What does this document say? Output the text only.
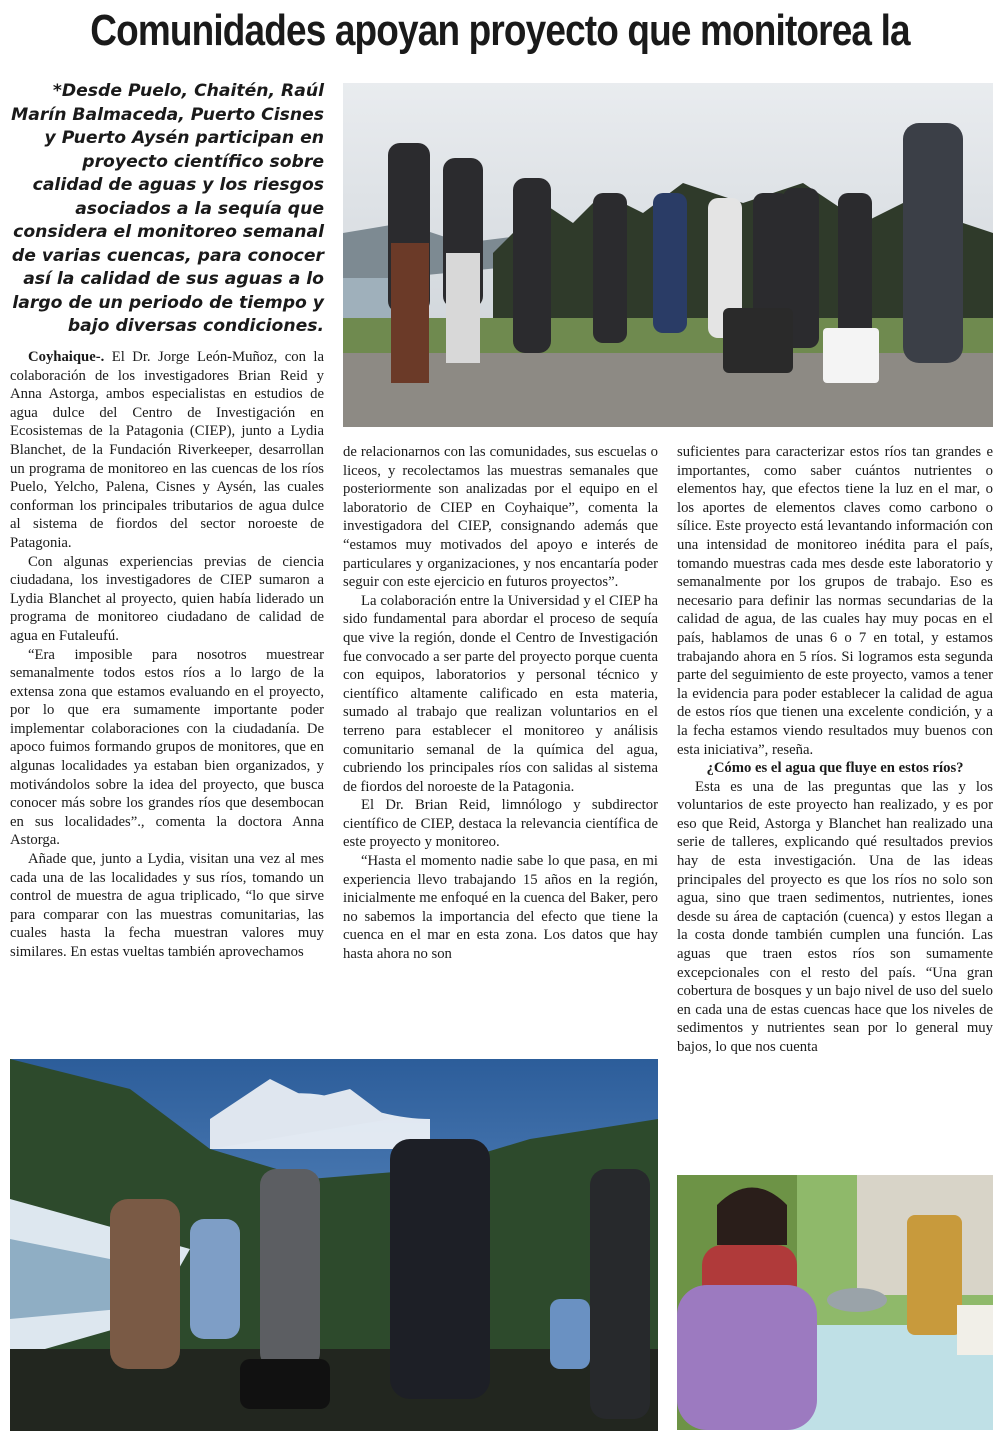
Comunidades apoyan proyecto que monitorea la

*Desde Puelo, Chaitén, Raúl Marín Balmaceda, Puerto Cisnes y Puerto Aysén participan en proyecto científico sobre calidad de aguas y los riesgos asociados a la sequía que considera el monitoreo semanal de varias cuencas, para conocer así la calidad de sus aguas a lo largo de un periodo de tiempo y bajo diversas condiciones.

Coyhaique-. El Dr. Jorge León-Muñoz, con la colaboración de los investigadores Brian Reid y Anna Astorga, ambos especialistas en estudios de agua dulce del Centro de Investigación en Ecosistemas de la Patagonia (CIEP), junto a Lydia Blanchet, de la Fundación Riverkeeper, desarrollan un programa de monitoreo en las cuencas de los ríos Puelo, Yelcho, Palena, Cisnes y Aysén, las cuales conforman los principales tributarios de agua dulce al sistema de fiordos del sector noroeste de Patagonia.

Con algunas experiencias previas de ciencia ciudadana, los investigadores de CIEP sumaron a Lydia Blanchet al proyecto, quien había liderado un programa de monitoreo ciudadano de calidad de agua en Futaleufú.

“Era imposible para nosotros muestrear semanalmente todos estos ríos a lo largo de la extensa zona que estamos evaluando en el proyecto, por lo que era sumamente importante poder implementar colaboraciones con la ciudadanía. De apoco fuimos formando grupos de monitores, que en algunas localidades ya estaban bien organizados, y motivándolos sobre la idea del proyecto, que busca conocer más sobre los grandes ríos que desembocan en sus localidades”., comenta la doctora Anna Astorga.

Añade que, junto a Lydia, visitan una vez al mes cada una de las localidades y sus ríos, tomando un control de muestra de agua triplicado, “lo que sirve para comparar con las muestras comunitarias, las cuales hasta la fecha muestran valores muy similares. En estas vueltas también aprovechamos

de relacionarnos con las comunidades, sus escuelas o liceos, y recolectamos las muestras semanales que posteriormente son analizadas por el equipo en el laboratorio de CIEP en Coyhaique”, comenta la investigadora del CIEP, consignando además que “estamos muy motivados del apoyo e interés de particulares y organizaciones, y nos encantaría poder seguir con este ejercicio en futuros proyectos”.

La colaboración entre la Universidad y el CIEP ha sido fundamental para abordar el proceso de sequía que vive la región, donde el Centro de Investigación fue convocado a ser parte del proyecto porque cuenta con equipos, laboratorios y personal técnico y científico altamente calificado en esta materia, sumado al trabajo que realizan voluntarios en el terreno para establecer el monitoreo y análisis comunitario semanal de la química del agua, cubriendo los principales ríos con salidas al sistema de fiordos del noroeste de la Patagonia.

El Dr. Brian Reid, limnólogo y subdirector científico de CIEP, destaca la relevancia científica de este proyecto y monitoreo.

“Hasta el momento nadie sabe lo que pasa, en mi experiencia llevo trabajando 15 años en la región, inicialmente me enfoqué en la cuenca del Baker, pero no sabemos la importancia del efecto que tiene la cuenca en el mar en esta zona. Los datos que hay hasta ahora no son

suficientes para caracterizar estos ríos tan grandes e importantes, como saber cuántos nutrientes o elementos hay, que efectos tiene la luz en el mar, o los aportes de elementos claves como carbono o sílice. Este proyecto está levantando información con una intensidad de monitoreo inédita para el país, tomando muestras cada mes desde este laboratorio y semanalmente por los grupos de trabajo. Eso es necesario para definir las normas secundarias de la calidad de agua, de las cuales hay muy pocas en el país, hablamos de unas 6 o 7 en total, y estamos trabajando ahora en 5 ríos. Si logramos esta segunda parte del seguimiento de este proyecto, vamos a tener la evidencia para poder establecer la calidad de agua de estos ríos que tienen una excelente condición, y a la fecha estamos viendo resultados muy buenos con esta iniciativa”, reseña.

¿Cómo es el agua que fluye en estos ríos?

Esta es una de las preguntas que las y los voluntarios de este proyecto han realizado, y es por eso que Reid, Astorga y Blanchet han realizado una serie de talleres, explicando qué resultados previos hay de esta investigación. Una de las ideas principales del proyecto es que los ríos no solo son agua, sino que traen sedimentos, nutrientes, iones desde su área de captación (cuenca) y estos llegan a la costa donde también cumplen una función. Las aguas que traen estos ríos son sumamente excepcionales con el resto del país. “Una gran cobertura de bosques y un bajo nivel de uso del suelo en cada una de estas cuencas hace que los niveles de sedimentos y nutrientes sean por lo general muy bajos, lo que nos cuenta
